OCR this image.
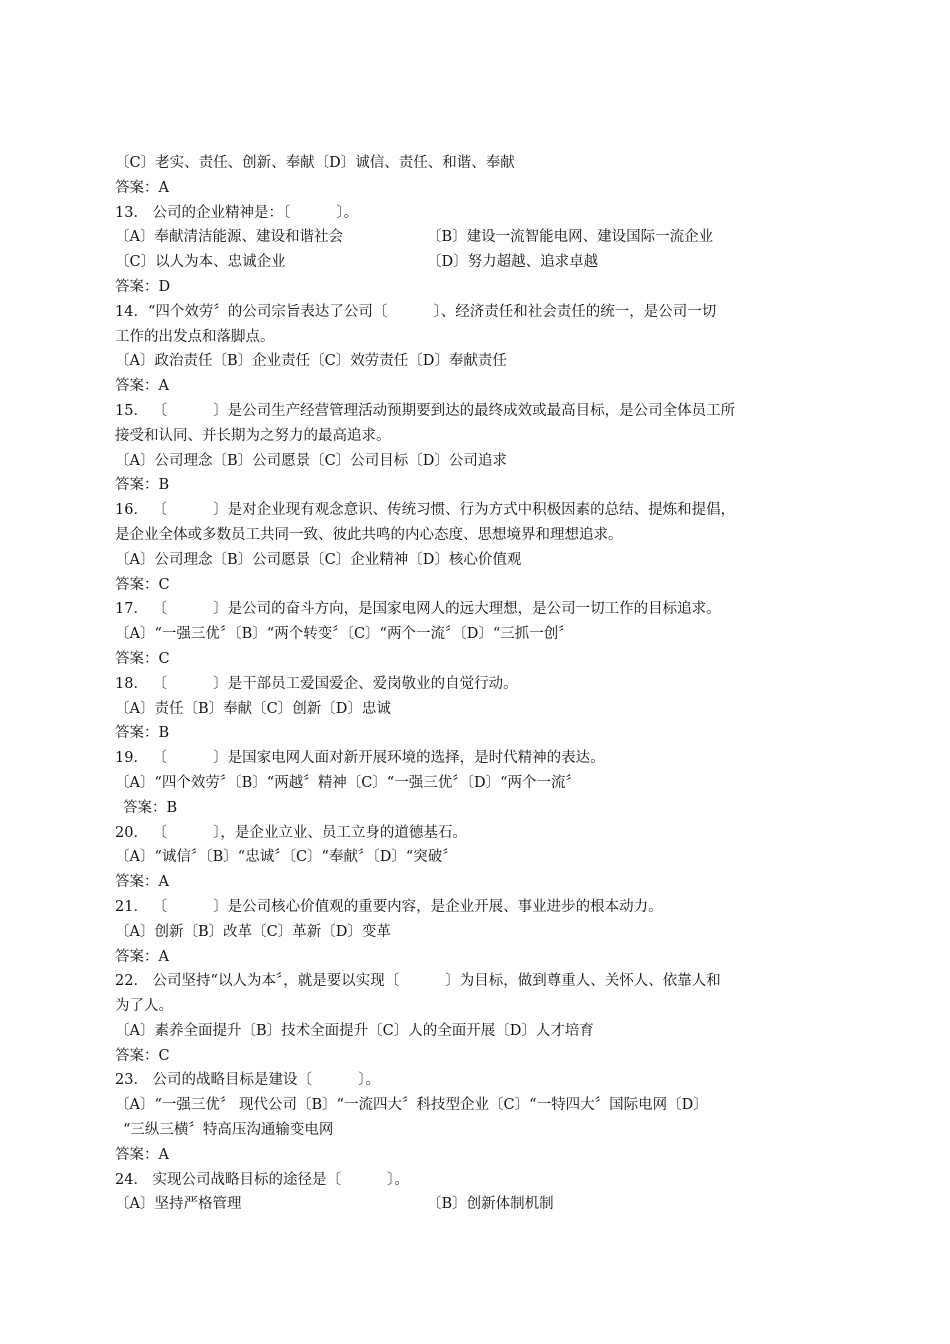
〔C〕老实、责任、创新、奉献〔D〕诚信、责任、和谐、奉献
答案：A
13． 公司的企业精神是：〔          〕。
〔A〕奉献清洁能源、建设和谐社会	〔B〕建设一流智能电网、建设国际一流企业
〔C〕以人为本、忠诚企业	〔D〕努力超越、追求卓越
答案：D
14．“四个效劳〞的公司宗旨表达了公司〔          〕、经济责任和社会责任的统一，是公司一切
工作的出发点和落脚点。
〔A〕政治责任〔B〕企业责任〔C〕效劳责任〔D〕奉献责任
答案：A
15． 〔          〕是公司生产经营管理活动预期要到达的最终成效或最高目标，是公司全体员工所
接受和认同、并长期为之努力的最高追求。
〔A〕公司理念〔B〕公司愿景〔C〕公司目标〔D〕公司追求
答案：B
16． 〔          〕是对企业现有观念意识、传统习惯、行为方式中积极因素的总结、提炼和提倡，
是企业全体或多数员工共同一致、彼此共鸣的内心态度、思想境界和理想追求。
〔A〕公司理念〔B〕公司愿景〔C〕企业精神〔D〕核心价值观
答案：C
17． 〔          〕是公司的奋斗方向，是国家电网人的远大理想，是公司一切工作的目标追求。
〔A〕“一强三优〞〔B〕“两个转变〞〔C〕“两个一流〞〔D〕“三抓一创〞
答案：C
18． 〔          〕是干部员工爱国爱企、爱岗敬业的自觉行动。
〔A〕责任〔B〕奉献〔C〕创新〔D〕忠诚
答案：B
19． 〔          〕是国家电网人面对新开展环境的选择，是时代精神的表达。
〔A〕“四个效劳〞〔B〕“两越〞精神〔C〕“一强三优〞〔D〕“两个一流〞
答案：B
20． 〔          〕，是企业立业、员工立身的道德基石。
〔A〕“诚信〞〔B〕“忠诚〞〔C〕“奉献〞〔D〕“突破〞
答案：A
21． 〔          〕是公司核心价值观的重要内容，是企业开展、事业进步的根本动力。
〔A〕创新〔B〕改革〔C〕革新〔D〕变革
答案：A
22． 公司坚持“以人为本〞，就是要以实现〔          〕为目标，做到尊重人、关怀人、依靠人和
为了人。
〔A〕素养全面提升〔B〕技术全面提升〔C〕人的全面开展〔D〕人才培育
答案：C
23． 公司的战略目标是建设〔          〕。
〔A〕“一强三优〞 现代公司〔B〕“一流四大〞科技型企业〔C〕“一特四大〞国际电网〔D〕
“三纵三横〞特高压沟通输变电网
答案：A
24． 实现公司战略目标的途径是〔          〕。
〔A〕坚持严格管理	〔B〕创新体制机制
